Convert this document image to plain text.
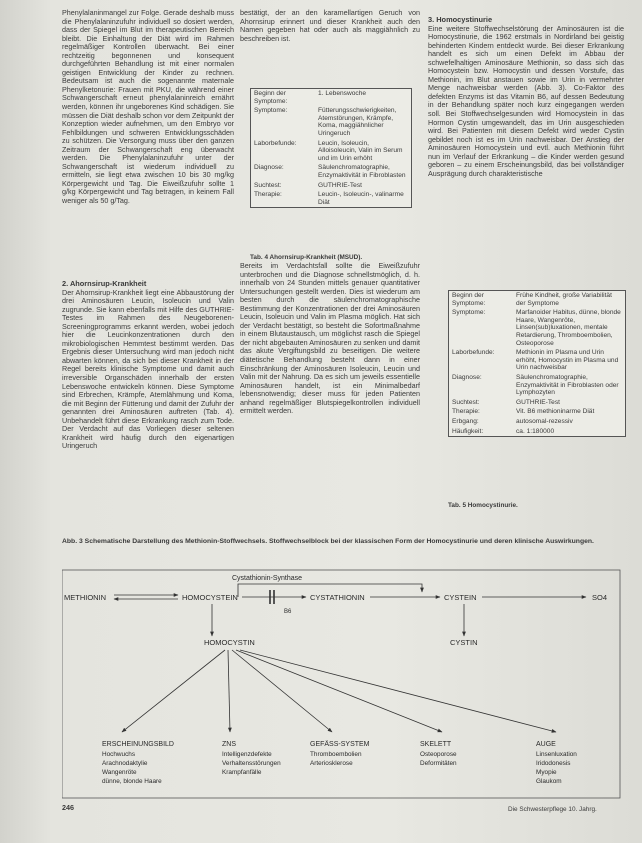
Phenylalaninmangel zur Folge. Gerade deshalb muss die Phenylalaninzufuhr individuell so dosiert werden, dass der Spiegel im Blut im therapeutischen Bereich bleibt. Die Einhaltung der Diät wird im Rahmen regelmäßiger Kontrollen überwacht. Bei einer rechtzeitig begonnenen und konsequent durchgeführten Behandlung ist mit einer normalen geistigen Entwicklung der Kinder zu rechnen. Bedeutsam ist auch die sogenannte maternale Phenylketonurie: Frauen mit PKU, die während einer Schwangerschaft erneut phenylalaninreich ernährt werden, können ihr ungeborenes Kind schädigen. Sie müssen die Diät deshalb schon vor dem Zeitpunkt der Konzeption wieder aufnehmen, um den Embryo vor Fehlbildungen und schweren Entwicklungsschäden zu schützen. Die Versorgung muss über den ganzen Zeitraum der Schwangerschaft eng überwacht werden. Die Phenylalaninzufuhr unter der Schwangerschaft ist wiederum individuell zu ermitteln, sie liegt etwa zwischen 10 bis 30 mg/kg Körpergewicht und Tag. Die Eiweißzufuhr sollte 1 g/kg Körpergewicht und Tag betragen, in keinem Fall weniger als 50 g/Tag.

bestätigt, der an den karamellartigen Geruch von Ahornsirup erinnert und dieser Krankheit auch den Namen gegeben hat oder auch als maggiähnlich zu beschreiben ist.

Beginn der Symptome:	1. Lebenswoche
Symptome:	Fütterungsschwierigkeiten, Atemstörungen, Krämpfe, Koma, maggiähnlicher Uringeruch
Laborbefunde:	Leucin, Isoleucin, Alloisoleucin, Valin im Serum und im Urin erhöht
Diagnose:	Säulenchromatographie, Enzymaktivität in Fibroblasten
Suchtest:	GUTHRIE-Test
Therapie:	Leucin-, Isoleucin-, valinarme Diät
Tab. 4 Ahornsirup-Krankheit (MSUD).
3. Homocystinurie

Eine weitere Stoffwechselstörung der Aminosäuren ist die Homocystinurie, die 1962 erstmals in Nordirland bei geistig behinderten Kindern entdeckt wurde. Bei dieser Erkrankung handelt es sich um einen Defekt im Abbau der schwefelhaltigen Aminosäure Methionin, so dass sich das Homocystein bzw. Homocystin und dessen Vorstufe, das Methionin, im Blut anstauen sowie im Urin in vermehrter Menge nachweisbar werden (Abb. 3). Co-Faktor des defekten Enzyms ist das Vitamin B6, auf dessen Bedeutung in der Behandlung später noch kurz eingegangen werden soll. Bei Stoffwechselgesunden wird Homocystein in das Hormon Cystin umgewandelt, das im Urin ausgeschieden wird. Bei Patienten mit diesem Defekt wird weder Cystin gebildet noch ist es im Urin nachweisbar. Der Anstieg der Aminosäuren Homocystein und evtl. auch Methionin führt nun im Verlauf der Erkrankung – die Kinder werden gesund geboren – zu einem Erscheinungsbild, das bei vollständiger Ausprägung durch charakteristische

2. Ahornsirup-Krankheit

Der Ahornsirup-Krankheit liegt eine Abbaustörung der drei Aminosäuren Leucin, Isoleucin und Valin zugrunde. Sie kann ebenfalls mit Hilfe des GUTHRIE-Testes im Rahmen des Neugeborenen-Screeningprogramms erkannt werden, wobei jedoch hier die Leucinkonzentrationen durch den mikrobiologischen Hemmtest bestimmt werden. Das Ergebnis dieser Untersuchung wird man jedoch nicht abwarten können, da sich bei dieser Krankheit in der Regel bereits klinische Symptome und damit auch irreversible Organschäden innerhalb der ersten Lebenswoche entwickeln können. Diese Symptome sind Erbrechen, Krämpfe, Atemlähmung und Koma, die mit Beginn der Fütterung und damit der Zufuhr der genannten drei Aminosäuren auftreten (Tab. 4). Unbehandelt führt diese Erkrankung rasch zum Tode. Der Verdacht auf das Vorliegen dieser seltenen Krankheit wird häufig durch den eigenartigen Uringeruch

Bereits im Verdachtsfall sollte die Eiweißzufuhr unterbrochen und die Diagnose schnellstmöglich, d. h. innerhalb von 24 Stunden mittels genauer quantitativer Untersuchungen gestellt werden. Dies ist wiederum am besten durch die säulenchromatographische Bestimmung der Konzentrationen der drei Aminosäuren Leucin, Isoleucin und Valin im Plasma möglich. Hat sich der Verdacht bestätigt, so besteht die Sofortmaßnahme in einem Blutaustausch, um möglichst rasch die Spiegel der nicht abgebauten Aminosäuren zu senken und damit das akute Vergiftungsbild zu beseitigen. Die weitere diätetische Behandlung besteht dann in einer Einschränkung der Aminosäuren Isoleucin, Leucin und Valin mit der Nahrung. Da es sich um jeweils essentielle Aminosäuren handelt, ist ein Minimalbedarf lebensnotwendig; dieser muss für jeden Patienten anhand regelmäßiger Blutspiegelkontrollen individuell ermittelt werden.

Beginn der Symptome:	Frühe Kindheit, große Variabilität der Symptome
Symptome:	Marfanoider Habitus, dünne, blonde Haare, Wangenröte, Linsen(sub)luxationen, mentale Retardierung, Thromboembolien, Osteoporose
Laborbefunde:	Methionin im Plasma und Urin erhöht, Homocystin im Plasma und Urin nachweisbar
Diagnose:	Säulenchromatographie, Enzymaktivität in Fibroblasten oder Lymphozyten
Suchtest:	GUTHRIE-Test
Therapie:	Vit. B6 methioninarme Diät
Erbgang:	autosomal-rezessiv
Häufigkeit:	ca. 1:180000
Tab. 5 Homocystinurie.
Abb. 3 Schematische Darstellung des Methionin-Stoffwechsels. Stoffwechselblock bei der klassischen Form der Homocystinurie und deren klinische Auswirkungen.
Cystathionin-Synthase
METHIONIN	HOMOCYSTEIN	CYSTATHIONIN	CYSTEIN	SO4
B6
HOMOCYSTIN	CYSTIN
ERSCHEINUNGSBILD
Hochwuchs
Arachnodaktylie
Wangenröte
dünne, blonde Haare
ZNS
Intelligenzdefekte
Verhaltensstörungen
Krampfanfälle
GEFÄSS-SYSTEM
Thromboembolien
Arteriosklerose
SKELETT
Osteoporose
Deformitäten
AUGE
Linsenluxation
Iridodonesis
Myopie
Glaukom
246	Die Schwesterpflege 10. Jahrg.
